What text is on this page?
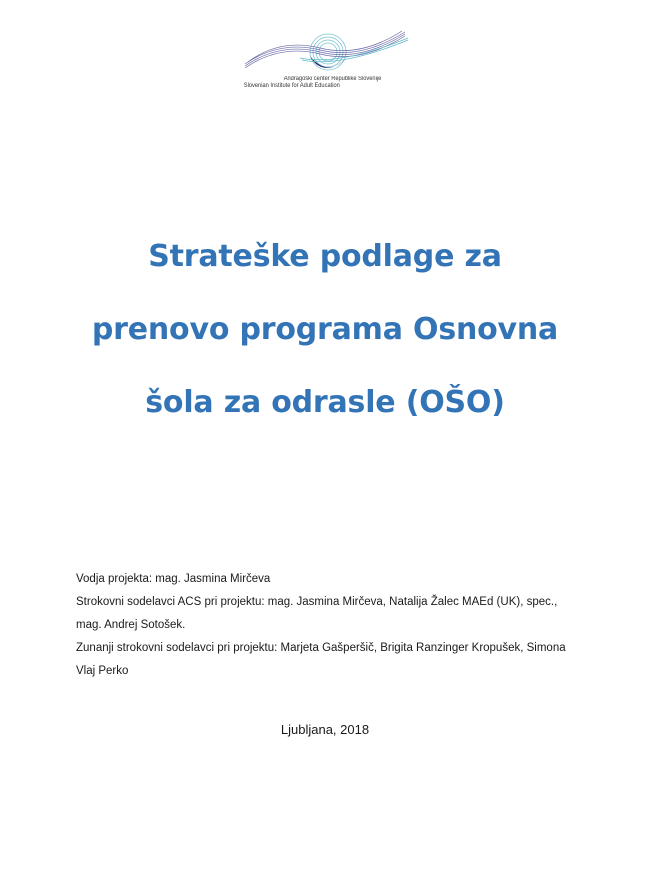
Andragoški center Republike Slovenije
Slovenian Institute for Adult Education
Strateške podlage za
prenovo programa Osnovna
šola za odrasle (OŠO)
Vodja projekta: mag. Jasmina Mirčeva
Strokovni sodelavci ACS pri projektu: mag. Jasmina Mirčeva, Natalija Žalec MAEd (UK), spec.,
mag. Andrej Sotošek.
Zunanji strokovni sodelavci pri projektu: Marjeta Gašperšič, Brigita Ranzinger Kropušek, Simona
Vlaj Perko
Ljubljana, 2018
